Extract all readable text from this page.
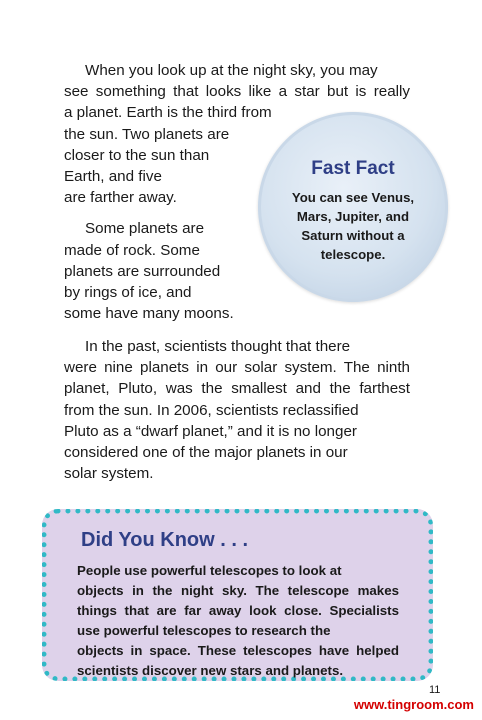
When you look up at the night sky, you may
see something that looks like a star but is really
a planet. Earth is the third from
the sun. Two planets are
closer to the sun than
Earth, and five
are farther away.
Some planets are
made of rock. Some
planets are surrounded
by rings of ice, and
some have many moons.
In the past, scientists thought that there
were nine planets in our solar system. The ninth
planet, Pluto, was the smallest and the farthest
from the sun. In 2006, scientists reclassified
Pluto as a “dwarf planet,” and it is no longer
considered one of the major planets in our
solar system.
Fast Fact
You can see Venus,
Mars, Jupiter, and
Saturn without a
telescope.
Did You Know . . .
People use powerful telescopes to look at
objects in the night sky. The telescope makes
things that are far away look close. Specialists
use powerful telescopes to research the
objects in space. These telescopes have helped
scientists discover new stars and planets.
11
www.tingroom.com
